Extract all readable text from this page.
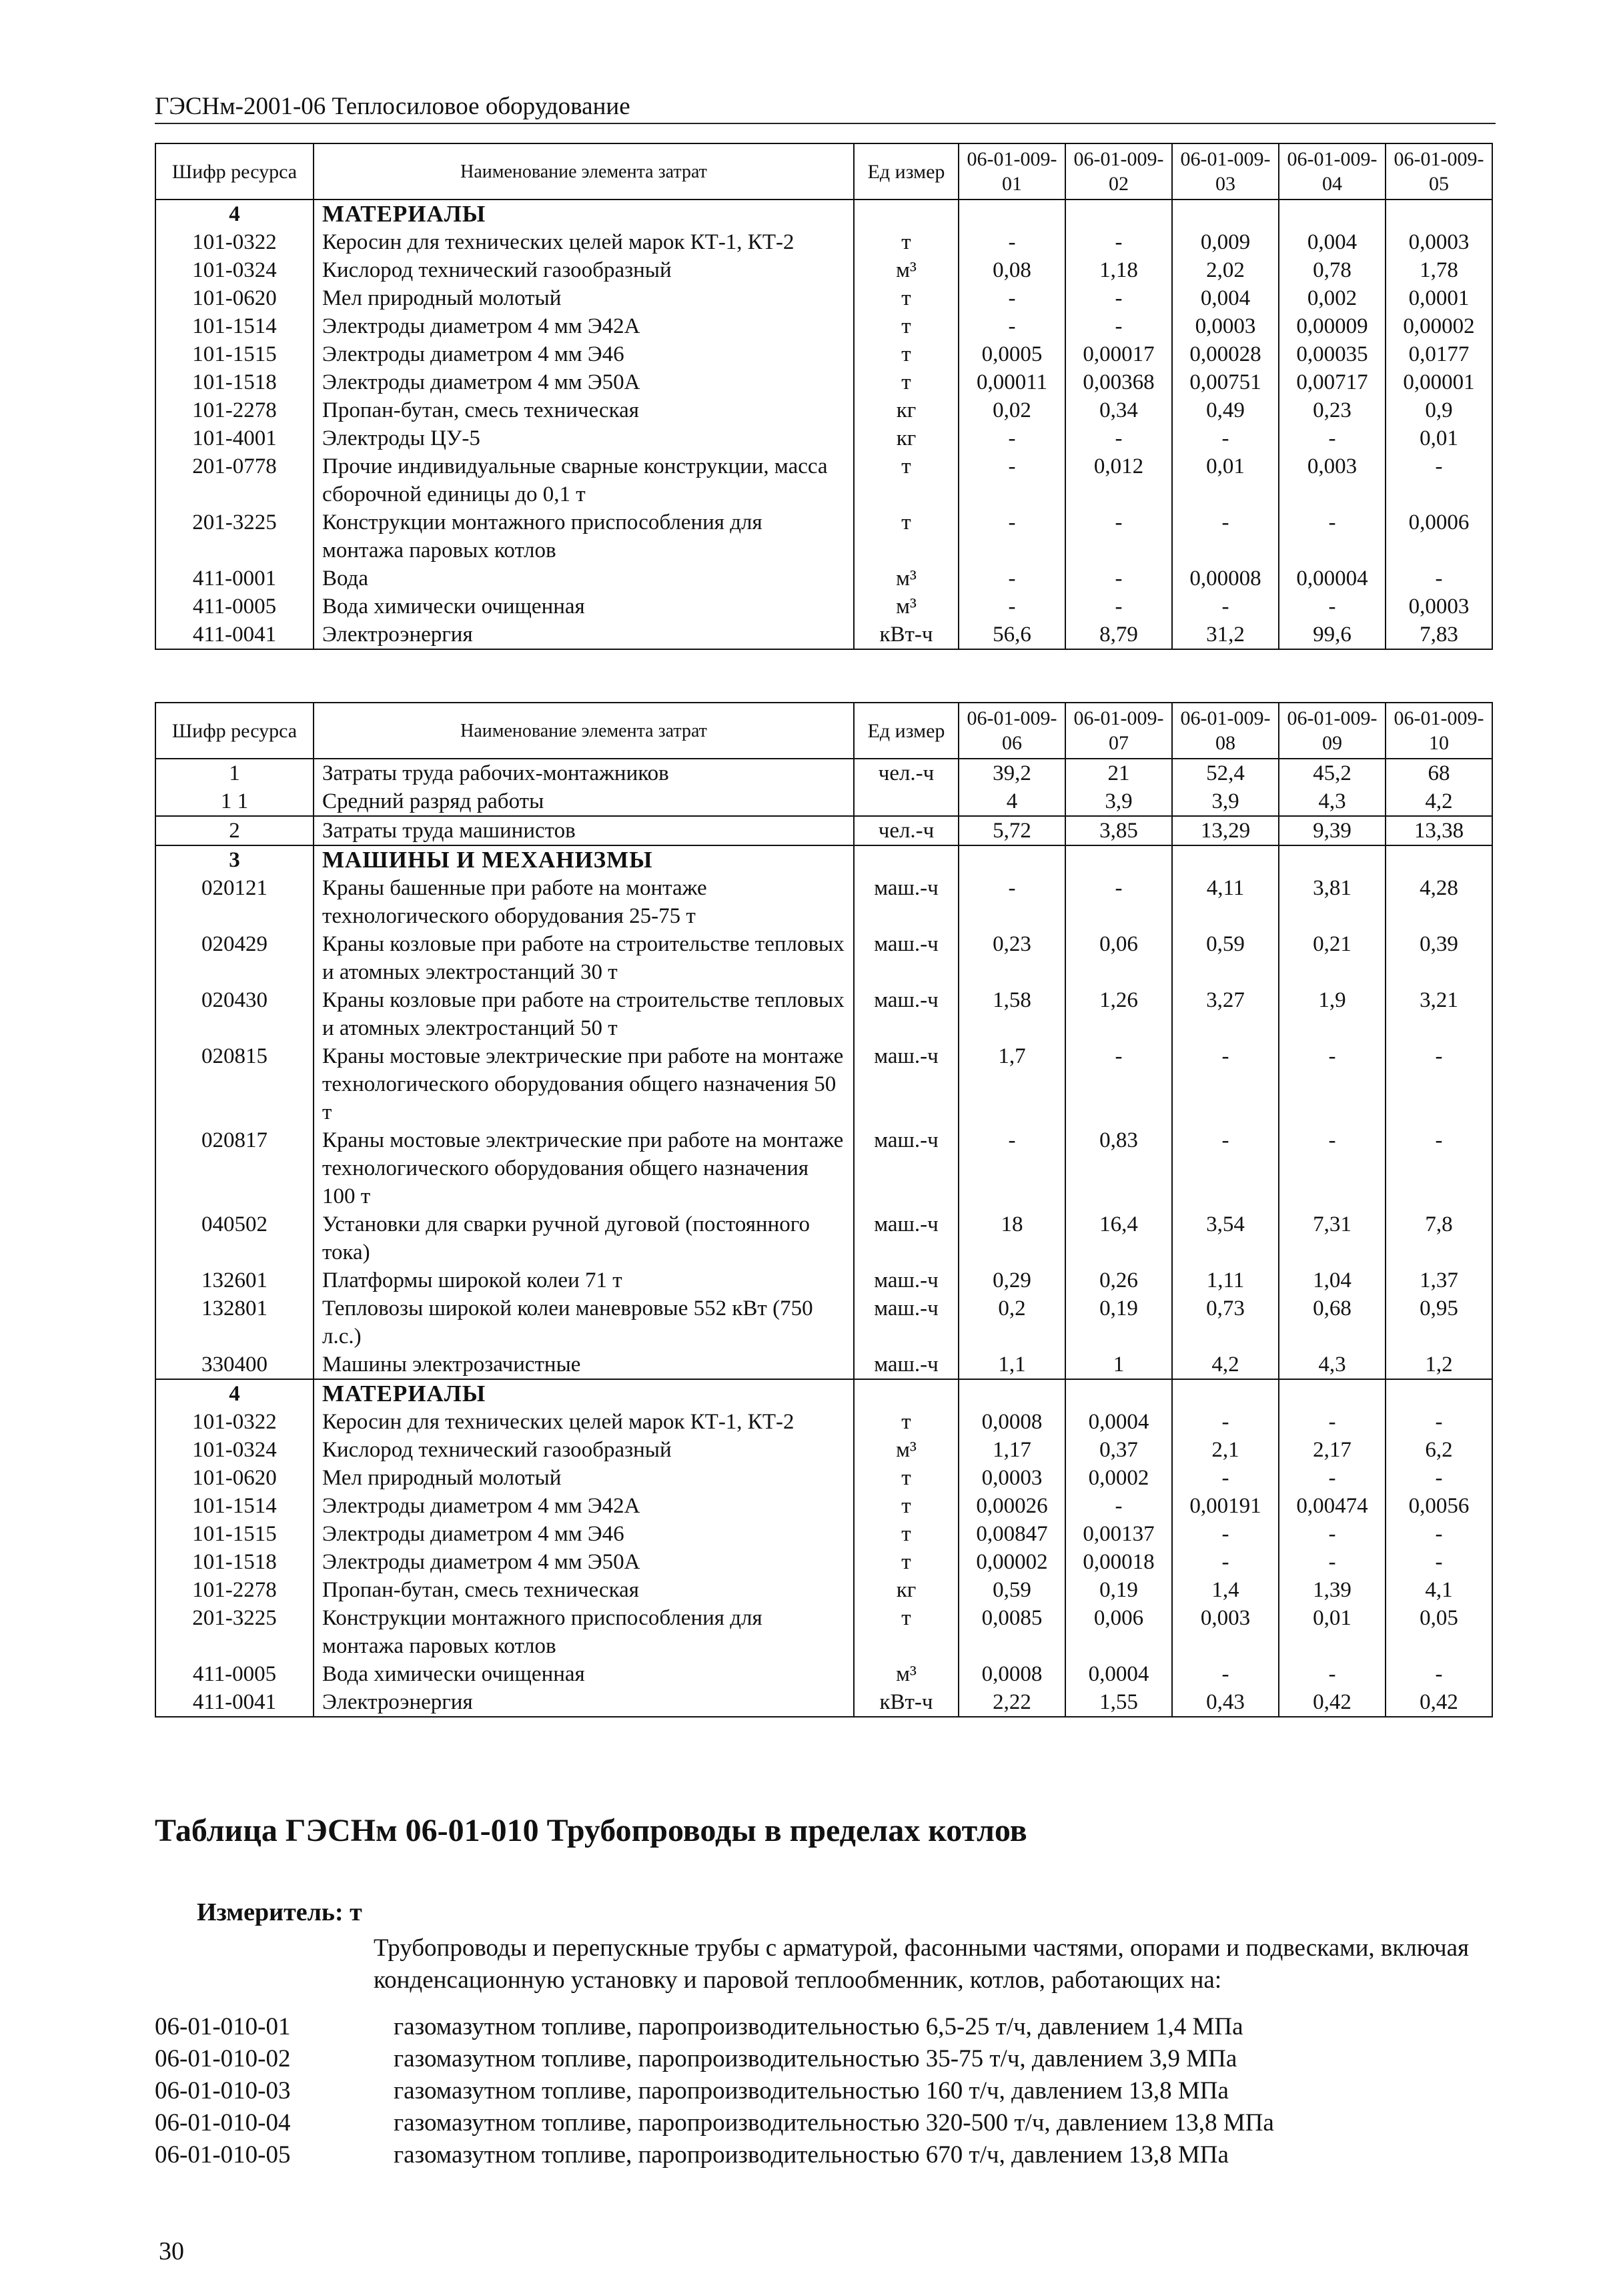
ГЭСНм-2001-06 Теплосиловое оборудование
Шифр ресурса	Наименование элемента затрат	Ед измер	06-01-009-01	06-01-009-02	06-01-009-03	06-01-009-04	06-01-009-05
4	МАТЕРИАЛЫ						
101-0322	Керосин для технических целей марок КТ-1, КТ-2	т	-	-	0,009	0,004	0,0003
101-0324	Кислород технический газообразный	м³	0,08	1,18	2,02	0,78	1,78
101-0620	Мел природный молотый	т	-	-	0,004	0,002	0,0001
101-1514	Электроды диаметром 4 мм Э42А	т	-	-	0,0003	0,00009	0,00002
101-1515	Электроды диаметром 4 мм Э46	т	0,0005	0,00017	0,00028	0,00035	0,0177
101-1518	Электроды диаметром 4 мм Э50А	т	0,00011	0,00368	0,00751	0,00717	0,00001
101-2278	Пропан-бутан, смесь техническая	кг	0,02	0,34	0,49	0,23	0,9
101-4001	Электроды ЦУ-5	кг	-	-	-	-	0,01
201-0778	Прочие индивидуальные сварные конструкции, масса сборочной единицы до 0,1 т	т	-	0,012	0,01	0,003	-
201-3225	Конструкции монтажного приспособления для монтажа паровых котлов	т	-	-	-	-	0,0006
411-0001	Вода	м³	-	-	0,00008	0,00004	-
411-0005	Вода химически очищенная	м³	-	-	-	-	0,0003
411-0041	Электроэнергия	кВт-ч	56,6	8,79	31,2	99,6	7,83
Шифр ресурса	Наименование элемента затрат	Ед измер	06-01-009-06	06-01-009-07	06-01-009-08	06-01-009-09	06-01-009-10
1	Затраты труда рабочих-монтажников	чел.-ч	39,2	21	52,4	45,2	68
1 1	Средний разряд работы		4	3,9	3,9	4,3	4,2
2	Затраты труда машинистов	чел.-ч	5,72	3,85	13,29	9,39	13,38
3	МАШИНЫ И МЕХАНИЗМЫ						
020121	Краны башенные при работе на монтаже технологического оборудования 25-75 т	маш.-ч	-	-	4,11	3,81	4,28
020429	Краны козловые при работе на строительстве тепловых и атомных электростанций 30 т	маш.-ч	0,23	0,06	0,59	0,21	0,39
020430	Краны козловые при работе на строительстве тепловых и атомных электростанций 50 т	маш.-ч	1,58	1,26	3,27	1,9	3,21
020815	Краны мостовые электрические при работе на монтаже технологического оборудования общего назначения 50 т	маш.-ч	1,7	-	-	-	-
020817	Краны мостовые электрические при работе на монтаже технологического оборудования общего назначения 100 т	маш.-ч	-	0,83	-	-	-
040502	Установки для сварки ручной дуговой (постоянного тока)	маш.-ч	18	16,4	3,54	7,31	7,8
132601	Платформы широкой колеи 71 т	маш.-ч	0,29	0,26	1,11	1,04	1,37
132801	Тепловозы широкой колеи маневровые 552 кВт (750 л.с.)	маш.-ч	0,2	0,19	0,73	0,68	0,95
330400	Машины электрозачистные	маш.-ч	1,1	1	4,2	4,3	1,2
4	МАТЕРИАЛЫ						
101-0322	Керосин для технических целей марок КТ-1, КТ-2	т	0,0008	0,0004	-	-	-
101-0324	Кислород технический газообразный	м³	1,17	0,37	2,1	2,17	6,2
101-0620	Мел природный молотый	т	0,0003	0,0002	-	-	-
101-1514	Электроды диаметром 4 мм Э42А	т	0,00026	-	0,00191	0,00474	0,0056
101-1515	Электроды диаметром 4 мм Э46	т	0,00847	0,00137	-	-	-
101-1518	Электроды диаметром 4 мм Э50А	т	0,00002	0,00018	-	-	-
101-2278	Пропан-бутан, смесь техническая	кг	0,59	0,19	1,4	1,39	4,1
201-3225	Конструкции монтажного приспособления для монтажа паровых котлов	т	0,0085	0,006	0,003	0,01	0,05
411-0005	Вода химически очищенная	м³	0,0008	0,0004	-	-	-
411-0041	Электроэнергия	кВт-ч	2,22	1,55	0,43	0,42	0,42
Таблица ГЭСНм 06-01-010 Трубопроводы в пределах котлов
Измеритель: т
Трубопроводы и перепускные трубы с арматурой, фасонными частями, опорами и подвесками, включая конденсационную установку и паровой теплообменник, котлов, работающих на:
06-01-010-01	газомазутном топливе, паропроизводительностью 6,5-25 т/ч, давлением 1,4 МПа
06-01-010-02	газомазутном топливе, паропроизводительностью 35-75 т/ч, давлением 3,9 МПа
06-01-010-03	газомазутном топливе, паропроизводительностью 160 т/ч, давлением 13,8 МПа
06-01-010-04	газомазутном топливе, паропроизводительностью 320-500 т/ч, давлением 13,8 МПа
06-01-010-05	газомазутном топливе, паропроизводительностью 670 т/ч, давлением 13,8 МПа
30
